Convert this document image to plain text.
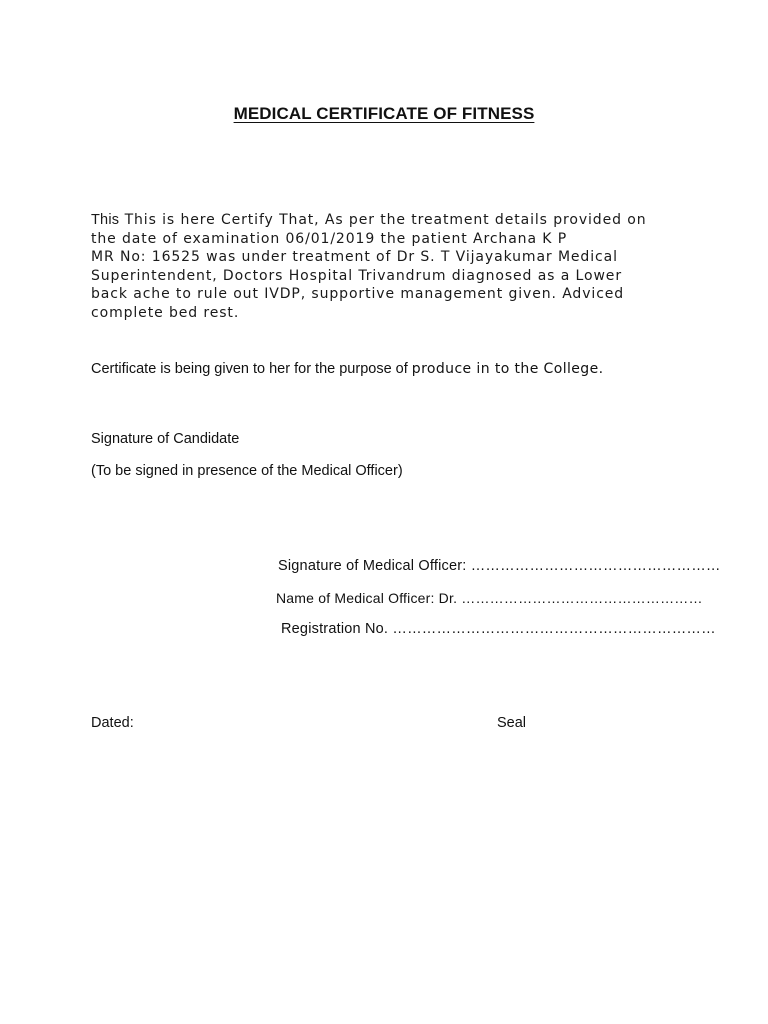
MEDICAL CERTIFICATE OF FITNESS
This This is here Certify That, As per the treatment details provided on
the date of examination 06/01/2019 the patient Archana K P
MR No: 16525 was under treatment of Dr S. T Vijayakumar Medical
Superintendent, Doctors Hospital Trivandrum diagnosed as a Lower
back ache to rule out IVDP, supportive management given. Adviced
complete bed rest.
Certificate is being given to her for the purpose of produce in to the College.
Signature of Candidate
(To be signed in presence of the Medical Officer)
Signature of Medical Officer: ……………………………………………
Name of Medical Officer: Dr. ……………………………………………
Registration No. …………………………………………………………
Dated:	Seal
